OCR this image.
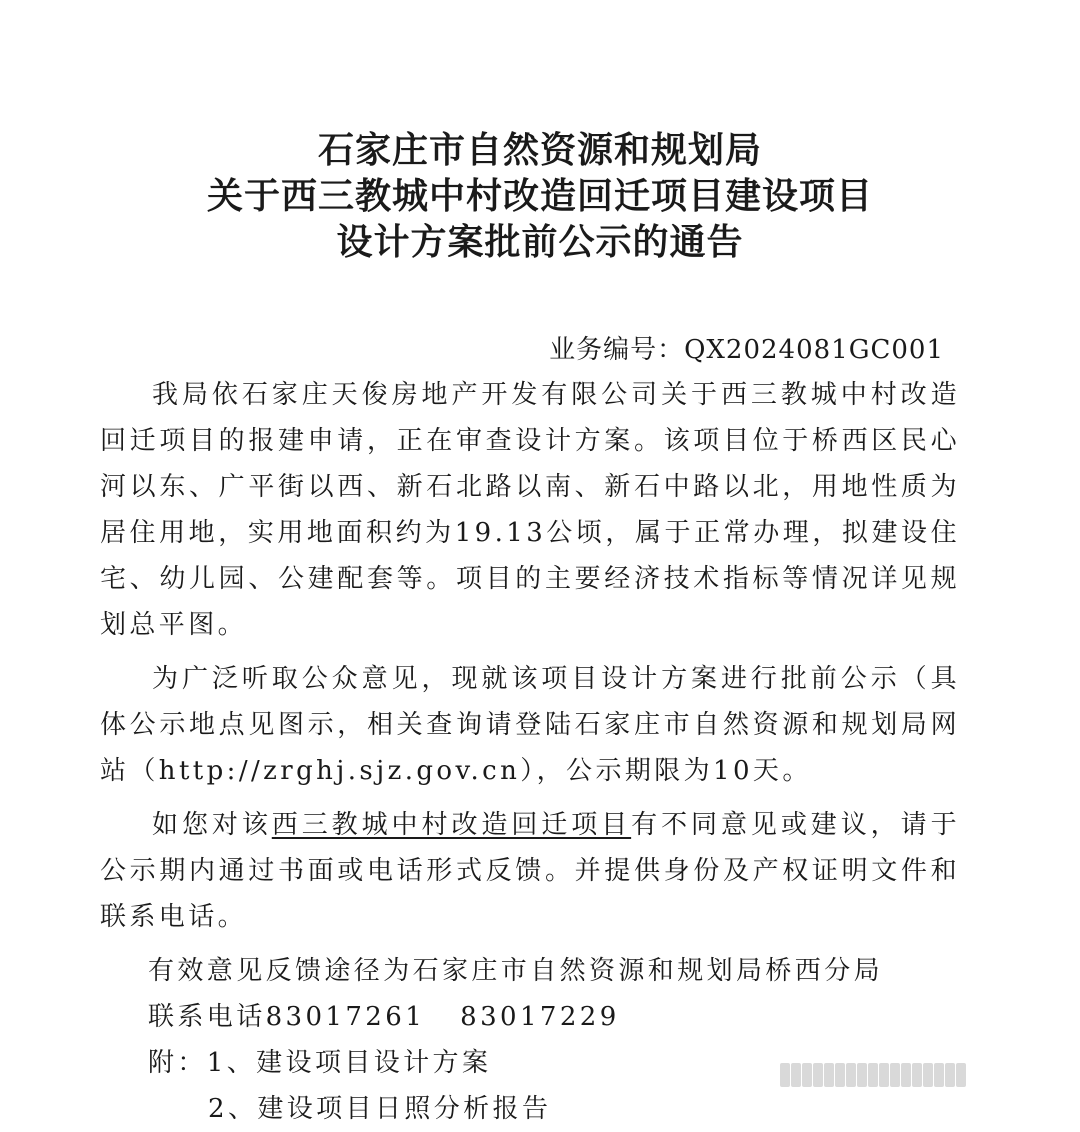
石家庄市自然资源和规划局
关于西三教城中村改造回迁项目建设项目
设计方案批前公示的通告
业务编号：QX2024081GC001

我局依石家庄天俊房地产开发有限公司关于西三教城中村改造回迁项目的报建申请，正在审查设计方案。该项目位于桥西区民心河以东、广平街以西、新石北路以南、新石中路以北，用地性质为居住用地，实用地面积约为19.13公顷，属于正常办理，拟建设住宅、幼儿园、公建配套等。项目的主要经济技术指标等情况详见规划总平图。

为广泛听取公众意见，现就该项目设计方案进行批前公示（具体公示地点见图示，相关查询请登陆石家庄市自然资源和规划局网站（http://zrghj.sjz.gov.cn），公示期限为10天。

如您对该西三教城中村改造回迁项目有不同意见或建议，请于公示期内通过书面或电话形式反馈。并提供身份及产权证明文件和联系电话。

有效意见反馈途径为石家庄市自然资源和规划局桥西分局
联系电话83017261   83017229
附：1、建设项目设计方案
2、建设项目日照分析报告
